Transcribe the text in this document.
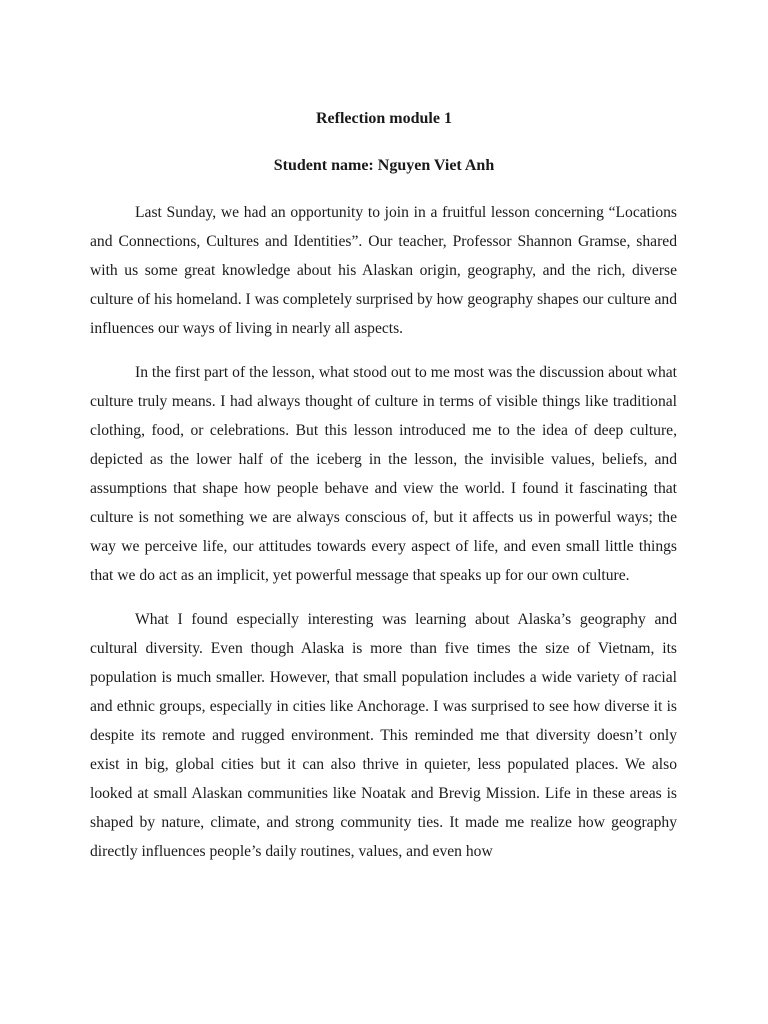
Reflection module 1
Student name: Nguyen Viet Anh

Last Sunday, we had an opportunity to join in a fruitful lesson concerning “Locations and Connections, Cultures and Identities”. Our teacher, Professor Shannon Gramse, shared with us some great knowledge about his Alaskan origin, geography, and the rich, diverse culture of his homeland. I was completely surprised by how geography shapes our culture and influences our ways of living in nearly all aspects.

In the first part of the lesson, what stood out to me most was the discussion about what culture truly means. I had always thought of culture in terms of visible things like traditional clothing, food, or celebrations. But this lesson introduced me to the idea of deep culture, depicted as the lower half of the iceberg in the lesson, the invisible values, beliefs, and assumptions that shape how people behave and view the world. I found it fascinating that culture is not something we are always conscious of, but it affects us in powerful ways; the way we perceive life, our attitudes towards every aspect of life, and even small little things that we do act as an implicit, yet powerful message that speaks up for our own culture.

What I found especially interesting was learning about Alaska’s geography and cultural diversity. Even though Alaska is more than five times the size of Vietnam, its population is much smaller. However, that small population includes a wide variety of racial and ethnic groups, especially in cities like Anchorage. I was surprised to see how diverse it is despite its remote and rugged environment. This reminded me that diversity doesn’t only exist in big, global cities but it can also thrive in quieter, less populated places. We also looked at small Alaskan communities like Noatak and Brevig Mission. Life in these areas is shaped by nature, climate, and strong community ties. It made me realize how geography directly influences people’s daily routines, values, and even how
